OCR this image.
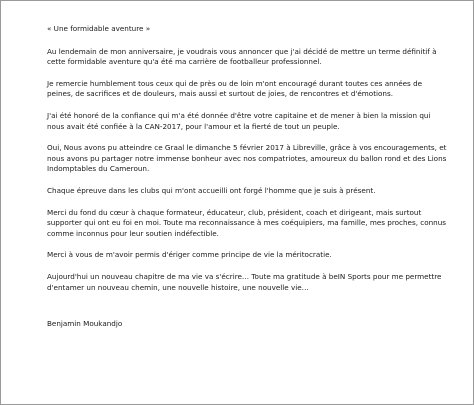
« Une formidable aventure »

Au lendemain de mon anniversaire, je voudrais vous annoncer que j'ai décidé de mettre un terme définitif à cette formidable aventure qu'a été ma carrière de footballeur professionnel.

Je remercie humblement tous ceux qui de près ou de loin m'ont encouragé durant toutes ces années de peines, de sacrifices et de douleurs, mais aussi et surtout de joies, de rencontres et d'émotions.

J'ai été honoré de la confiance qui m'a été donnée d'être votre capitaine et de mener à bien la mission qui nous avait été confiée à la CAN-2017, pour l'amour et la fierté de tout un peuple.

Oui, Nous avons pu atteindre ce Graal le dimanche 5 février 2017 à Libreville, grâce à vos encouragements, et nous avons pu partager notre immense bonheur avec nos compatriotes, amoureux du ballon rond et des Lions Indomptables du Cameroun.

Chaque épreuve dans les clubs qui m'ont accueilli ont forgé l'homme que je suis à présent.

Merci du fond du cœur à chaque formateur, éducateur, club, président, coach et dirigeant, mais surtout supporter qui ont eu foi en moi. Toute ma reconnaissance à mes coéquipiers, ma famille, mes proches, connus comme inconnus pour leur soutien indéfectible.

Merci à vous de m'avoir permis d'ériger comme principe de vie la méritocratie.

Aujourd'hui un nouveau chapitre de ma vie va s'écrire… Toute ma gratitude à beIN Sports pour me permettre d'entamer un nouveau chemin, une nouvelle histoire, une nouvelle vie…

Benjamin Moukandjo
